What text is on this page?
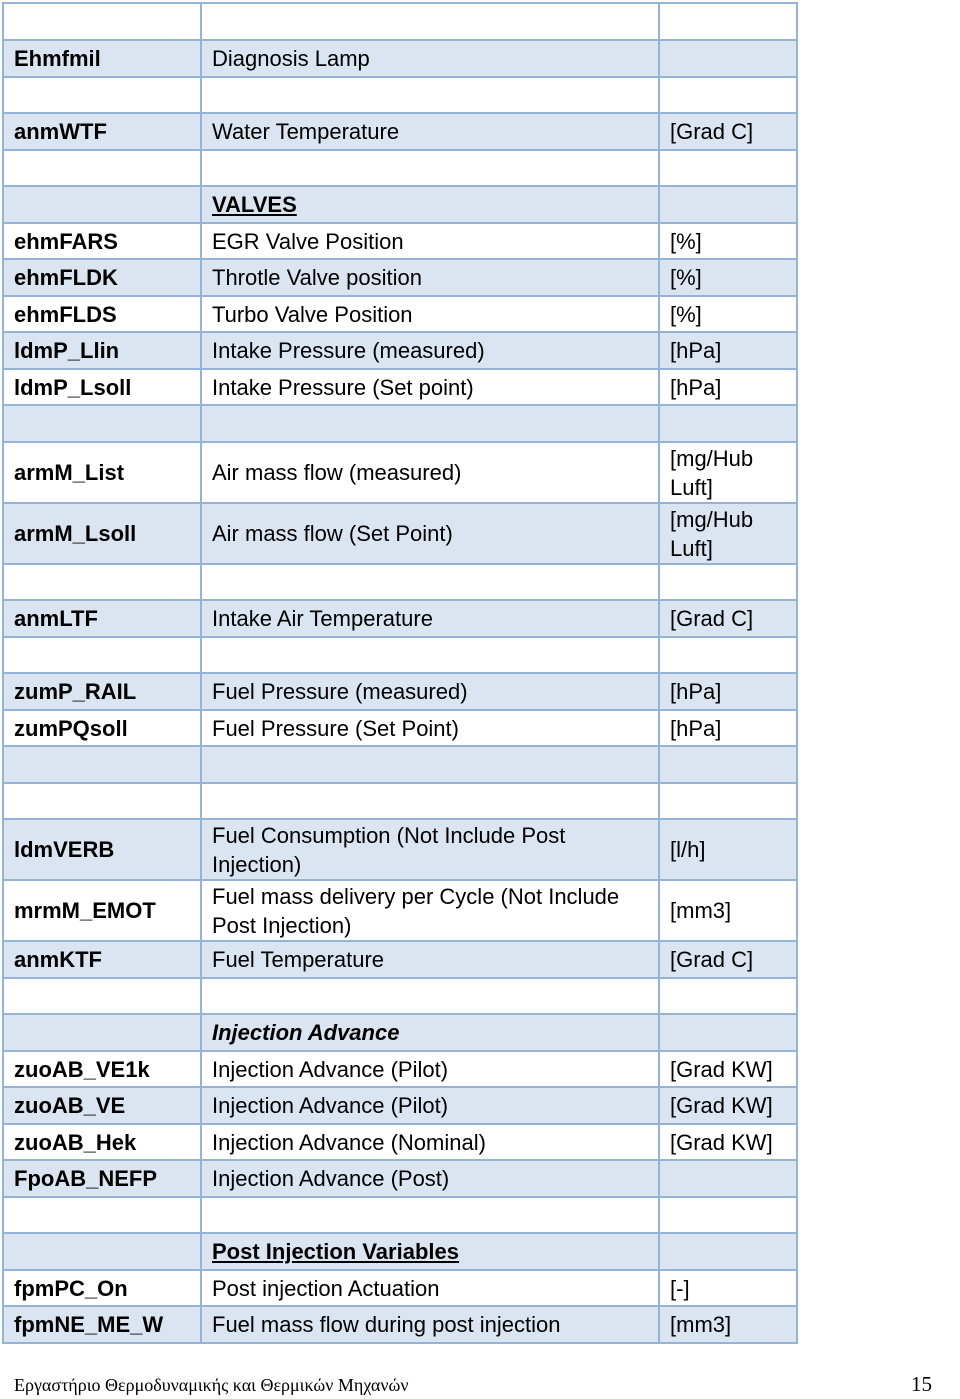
Ehmfmil	Diagnosis Lamp	

anmWTF	Water Temperature	[Grad C]

	VALVES	
ehmFARS	EGR Valve Position	[%]
ehmFLDK	Throtle Valve position	[%]
ehmFLDS	Turbo Valve Position	[%]
ldmP_Llin	Intake Pressure (measured)	[hPa]
ldmP_Lsoll	Intake Pressure (Set point)	[hPa]

armM_List	Air mass flow (measured)	[mg/Hub Luft]
armM_Lsoll	Air mass flow (Set Point)	[mg/Hub Luft]

anmLTF	Intake Air Temperature	[Grad C]

zumP_RAIL	Fuel Pressure (measured)	[hPa]
zumPQsoll	Fuel Pressure (Set Point)	[hPa]

ldmVERB	Fuel Consumption (Not Include Post Injection)	[l/h]
mrmM_EMOT	Fuel mass delivery per Cycle (Not Include Post Injection)	[mm3]
anmKTF	Fuel Temperature	[Grad C]

	Injection Advance	
zuoAB_VE1k	Injection Advance (Pilot)	[Grad KW]
zuoAB_VE	Injection Advance (Pilot)	[Grad KW]
zuoAB_Hek	Injection Advance (Nominal)	[Grad KW]
FpoAB_NEFP	Injection Advance (Post)	

	Post Injection Variables	
fpmPC_On	Post injection Actuation	[-]
fpmNE_ME_W	Fuel mass flow during post injection	[mm3]
Εργαστήριο Θερμοδυναμικής και Θερμικών Μηχανών	15
